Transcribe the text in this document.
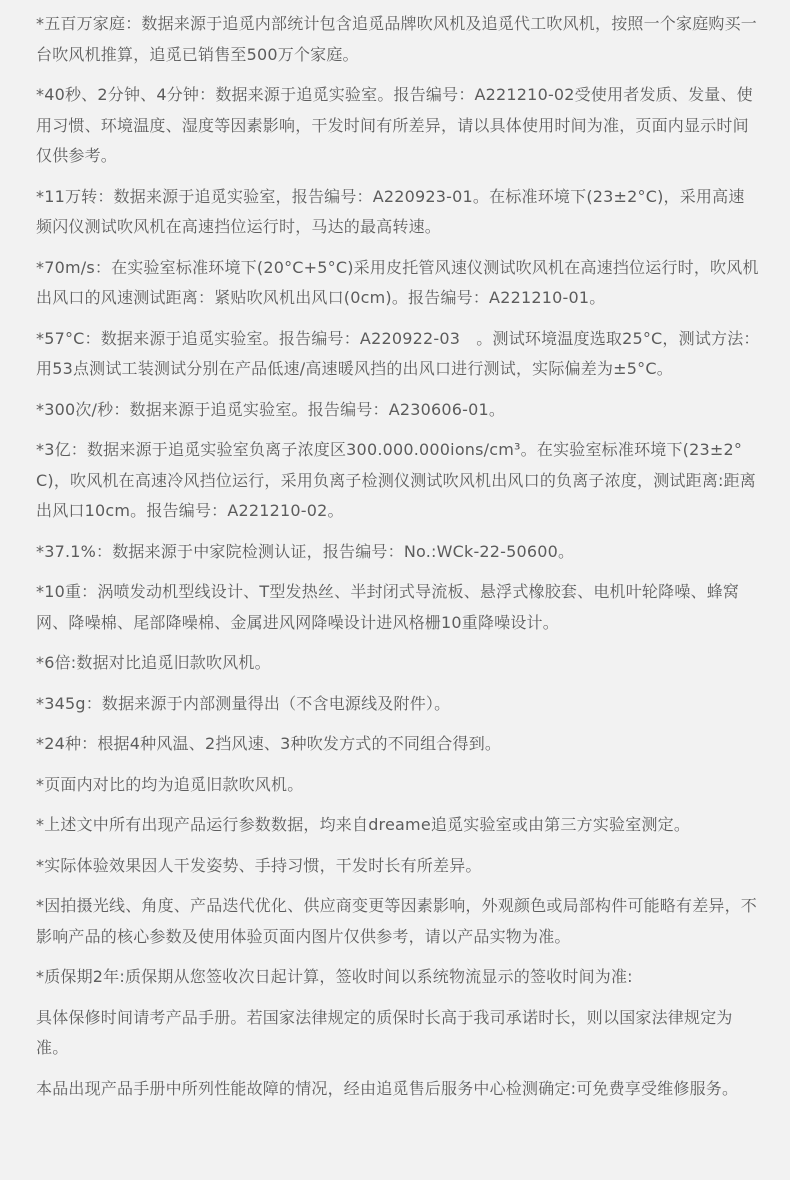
*五百万家庭：数据来源于追觅内部统计包含追觅品牌吹风机及追觅代工吹风机，按照一个家庭购买一台吹风机推算，追觅已销售至500万个家庭。

*40秒、2分钟、4分钟：数据来源于追觅实验室。报告编号：A221210-02受使用者发质、发量、使用习惯、环境温度、湿度等因素影响，干发时间有所差异，请以具体使用时间为准，页面内显示时间仅供参考。

*11万转：数据来源于追觅实验室，报告编号：A220923-01。在标准环境下(23±2°C)，采用高速频闪仪测试吹风机在高速挡位运行时，马达的最高转速。

*70m/s：在实验室标准环境下(20°C+5°C)采用皮托管风速仪测试吹风机在高速挡位运行时，吹风机出风口的风速测试距离：紧贴吹风机出风口(0cm)。报告编号：A221210-01。

*57°C：数据来源于追觅实验室。报告编号：A220922-03　。测试环境温度选取25°C，测试方法：用53点测试工装测试分别在产品低速/高速暖风挡的出风口进行测试，实际偏差为±5°C。

*300次/秒：数据来源于追觅实验室。报告编号：A230606-01。

*3亿：数据来源于追觅实验室负离子浓度区300.000.000ions/cm³。在实验室标准环境下(23±2°C)，吹风机在高速冷风挡位运行，采用负离子检测仪测试吹风机出风口的负离子浓度，测试距离:距离出风口10cm。报告编号：A221210-02。

*37.1%：数据来源于中家院检测认证，报告编号：No.:WCk-22-50600。

*10重：涡喷发动机型线设计、T型发热丝、半封闭式导流板、悬浮式橡胶套、电机叶轮降噪、蜂窝网、降噪棉、尾部降噪棉、金属进风网降噪设计进风格栅10重降噪设计。

*6倍:数据对比追觅旧款吹风机。

*345g：数据来源于内部测量得出（不含电源线及附件）。

*24种：根据4种风温、2挡风速、3种吹发方式的不同组合得到。

*页面内对比的均为追觅旧款吹风机。

*上述文中所有出现产品运行参数数据，均来自dreame追觅实验室或由第三方实验室测定。

*实际体验效果因人干发姿势、手持习惯，干发时长有所差异。

*因拍摄光线、角度、产品迭代优化、供应商变更等因素影响，外观颜色或局部构件可能略有差异，不影响产品的核心参数及使用体验页面内图片仅供参考，请以产品实物为准。

*质保期2年:质保期从您签收次日起计算，签收时间以系统物流显示的签收时间为准:

具体保修时间请考产品手册。若国家法律规定的质保时长高于我司承诺时长，则以国家法律规定为准。

本品出现产品手册中所列性能故障的情况，经由追觅售后服务中心检测确定:可免费享受维修服务。
